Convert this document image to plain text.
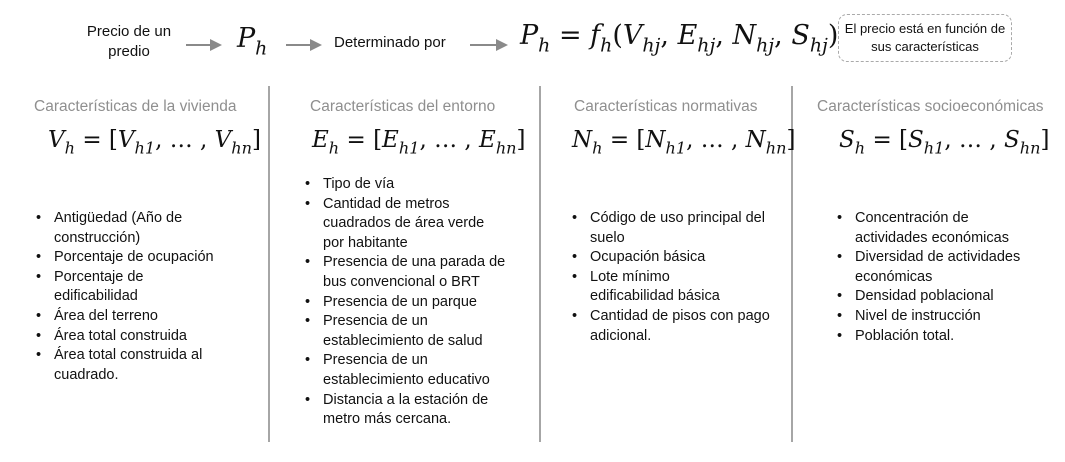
Precio de un predio	$P_h$	Determinado por	$P_h = f_h(V_{hj}$, $E_{hj}$, $N_{hj}$, $S_{hj}$) El precio está en función de sus características
Características de la vivienda
$V_h = [V_{h1}$, … , $V_{hn}$]
• Antigüedad (Año de construcción)
• Porcentaje de ocupación
• Porcentaje de edificabilidad
• Área del terreno
• Área total construida
• Área total construida al cuadrado.
Características del entorno
$E_h = [E_{h1}$, … , $E_{hn}$]
• Tipo de vía
• Cantidad de metros cuadrados de área verde por habitante
• Presencia de una parada de bus convencional o BRT
• Presencia de un parque
• Presencia de un establecimiento de salud
• Presencia de un establecimiento educativo
• Distancia a la estación de metro más cercana.
Características normativas
$N_h = [N_{h1}$, … , $N_{hn}$]
• Código de uso principal del suelo
• Ocupación básica
• Lote mínimo edificabilidad básica
• Cantidad de pisos con pago adicional.
Características socioeconómicas
$S_h = [S_{h1}$, … , $S_{hn}$]
• Concentración de actividades económicas
• Diversidad de actividades económicas
• Densidad poblacional
• Nivel de instrucción
• Población total.
